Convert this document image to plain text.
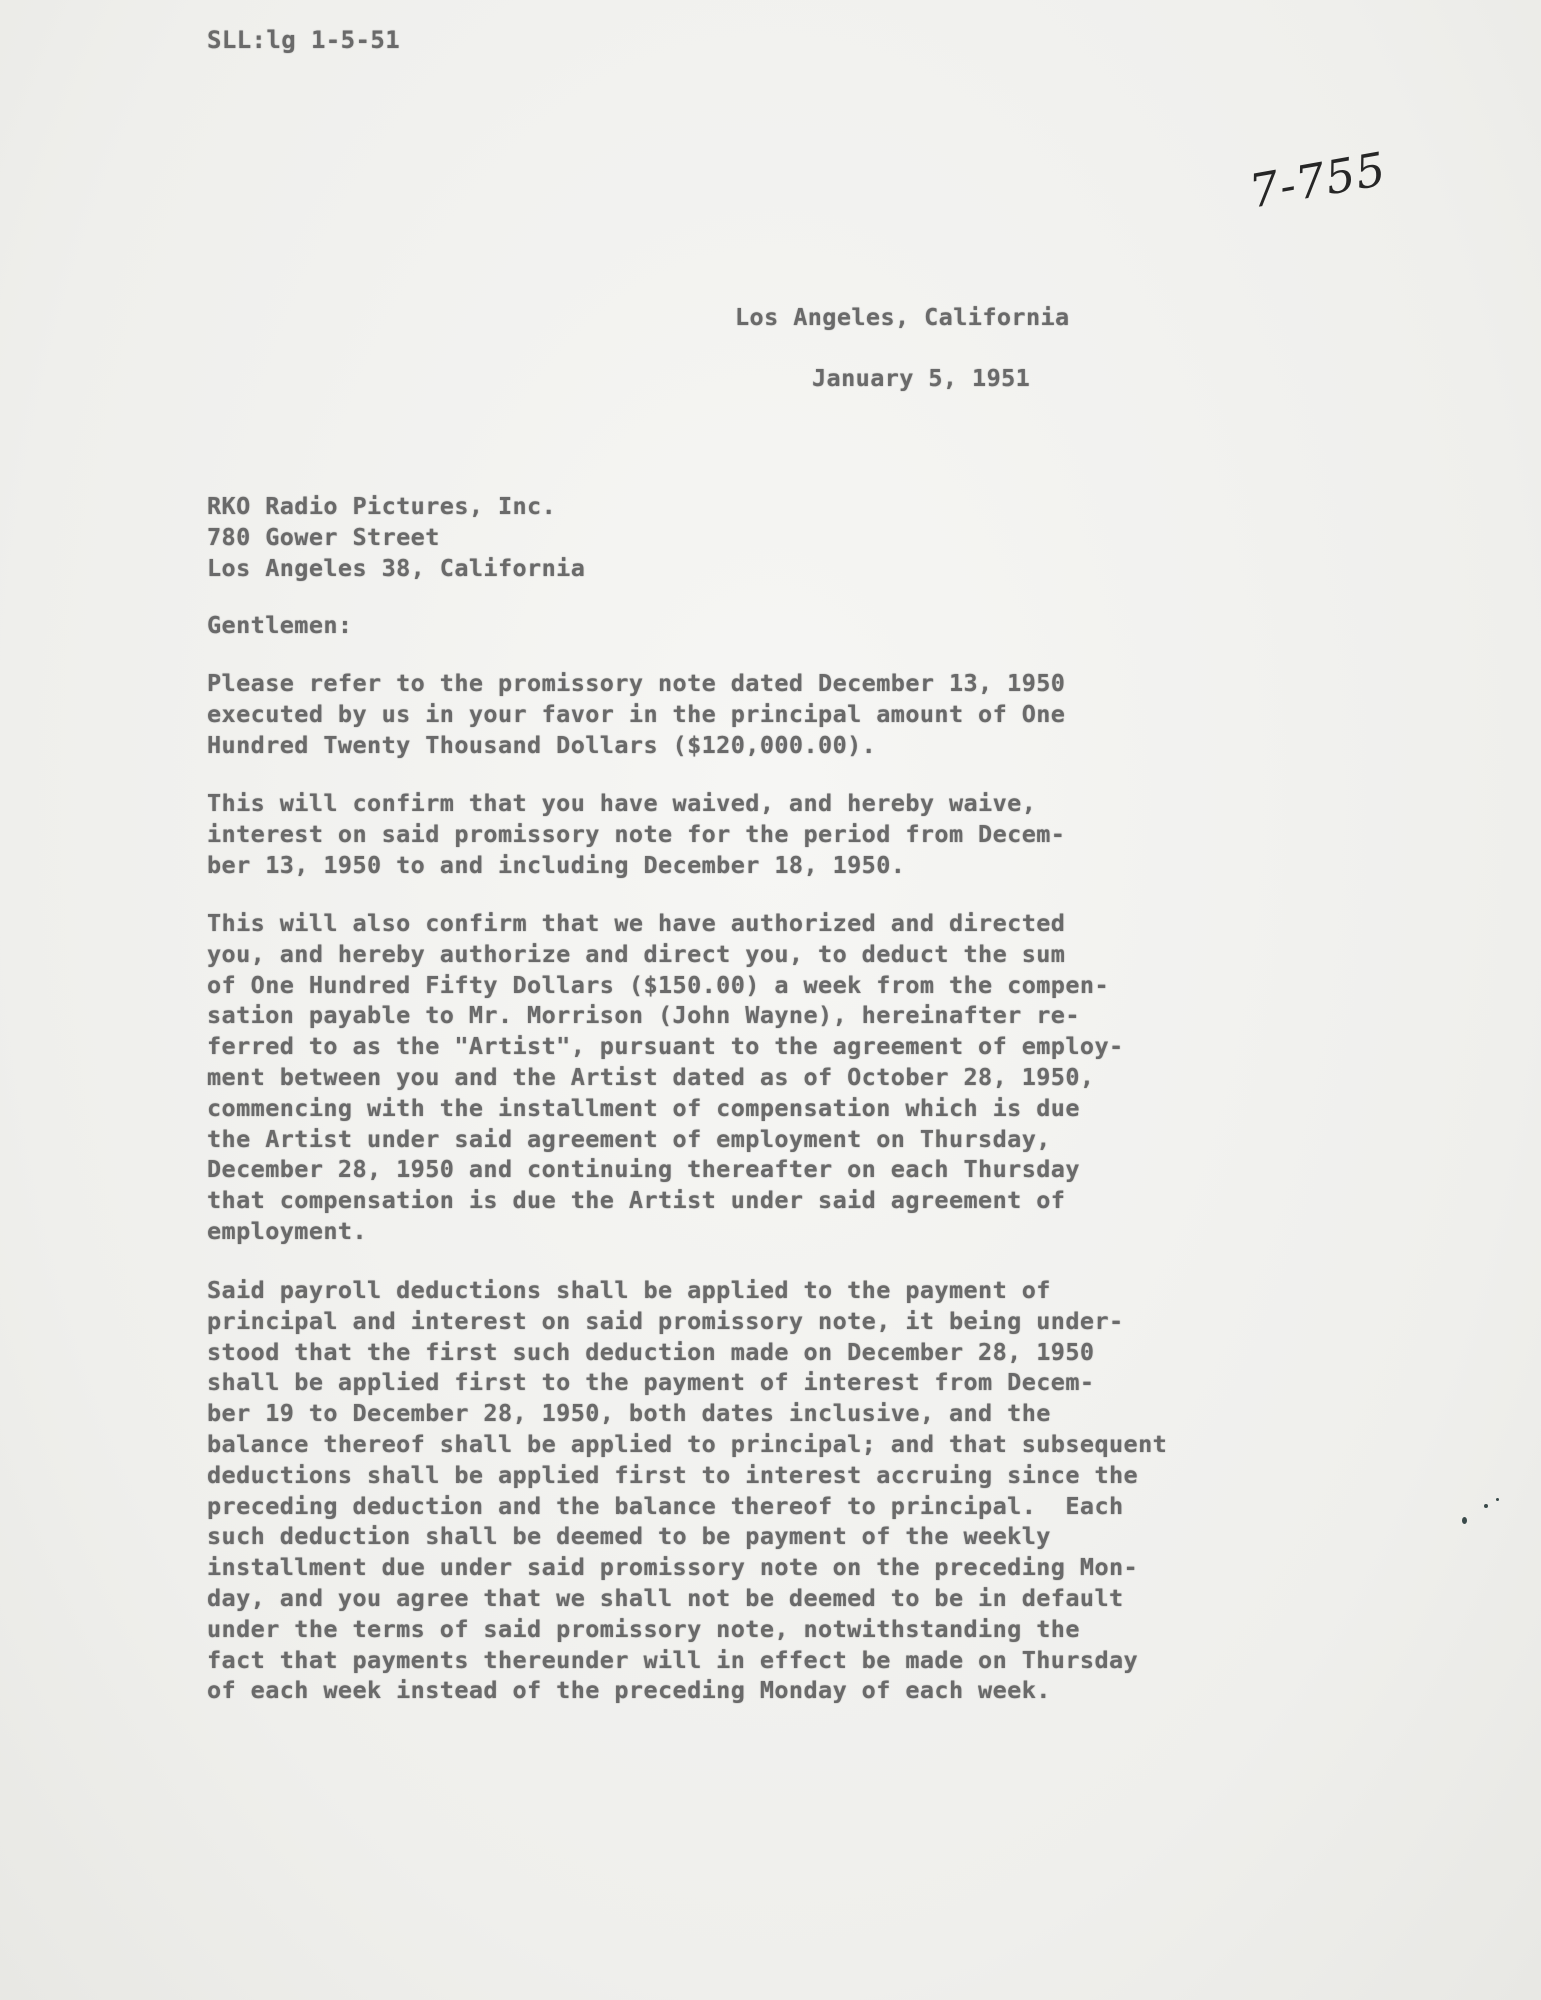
SLL:lg 1-5-51
7-755
Los Angeles, California
January 5, 1951
RKO Radio Pictures, Inc.
780 Gower Street
Los Angeles 38, California
Gentlemen:
Please refer to the promissory note dated December 13, 1950
executed by us in your favor in the principal amount of One
Hundred Twenty Thousand Dollars ($120,000.00).
This will confirm that you have waived, and hereby waive,
interest on said promissory note for the period from Decem-
ber 13, 1950 to and including December 18, 1950.
This will also confirm that we have authorized and directed
you, and hereby authorize and direct you, to deduct the sum
of One Hundred Fifty Dollars ($150.00) a week from the compen-
sation payable to Mr. Morrison (John Wayne), hereinafter re-
ferred to as the "Artist", pursuant to the agreement of employ-
ment between you and the Artist dated as of October 28, 1950,
commencing with the installment of compensation which is due
the Artist under said agreement of employment on Thursday,
December 28, 1950 and continuing thereafter on each Thursday
that compensation is due the Artist under said agreement of
employment.
Said payroll deductions shall be applied to the payment of
principal and interest on said promissory note, it being under-
stood that the first such deduction made on December 28, 1950
shall be applied first to the payment of interest from Decem-
ber 19 to December 28, 1950, both dates inclusive, and the
balance thereof shall be applied to principal; and that subsequent
deductions shall be applied first to interest accruing since the
preceding deduction and the balance thereof to principal.  Each
such deduction shall be deemed to be payment of the weekly
installment due under said promissory note on the preceding Mon-
day, and you agree that we shall not be deemed to be in default
under the terms of said promissory note, notwithstanding the
fact that payments thereunder will in effect be made on Thursday
of each week instead of the preceding Monday of each week.
